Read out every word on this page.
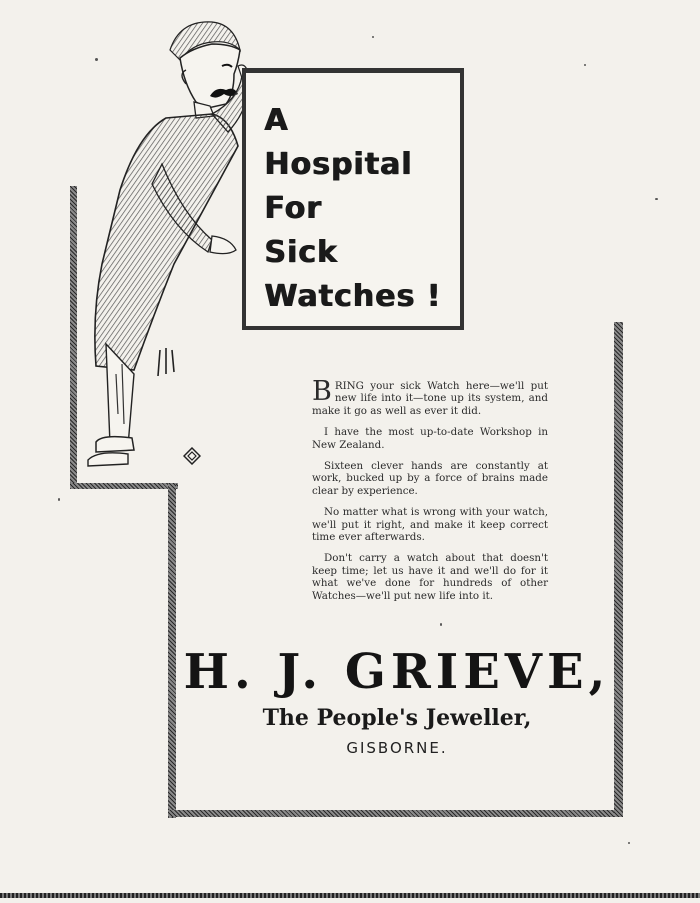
A
Hospital
For
Sick
Watches !

BRING your sick Watch here—we'll put new life into it—tone up its system, and make it go as well as ever it did.

I have the most up-to-date Workshop in New Zealand.

Sixteen clever hands are constantly at work, bucked up by a force of brains made clear by experience.

No matter what is wrong with your watch, we'll put it right, and make it keep correct time ever afterwards.

Don't carry a watch about that doesn't keep time; let us have it and we'll do for it what we've done for hundreds of other Watches—we'll put new life into it.

H. J. GRIEVE,
The People's Jeweller,
GISBORNE.
